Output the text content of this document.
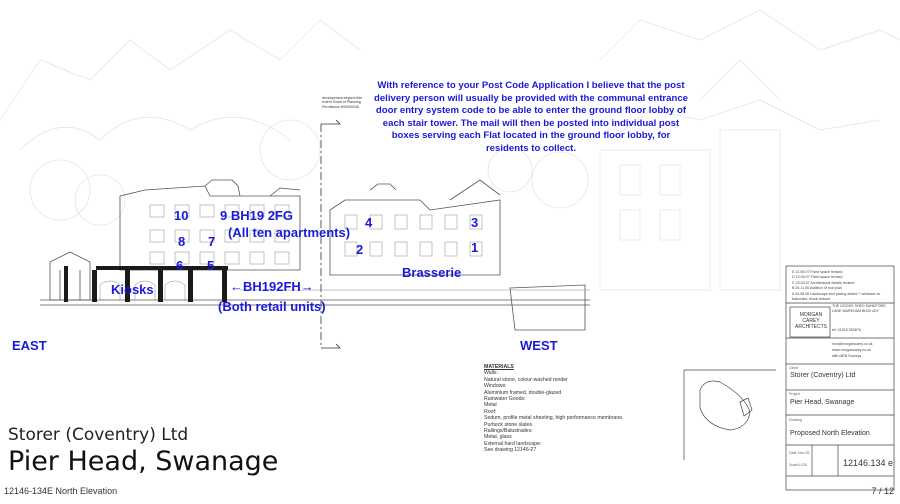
With reference to your Post Code Application I believe that the post delivery person will usually be provided with the communal entrance door entry system code to be able to enter the ground floor lobby of each stair tower. The mail will then be posted into individual post boxes serving each Flat located in the ground floor lobby, for residents to collect.
development beyond this extent Grant of Planning Permission 6/00/00245
10 9 BH19 2FG
(All ten apartments)
8 7
6 5
4	3
2	1
Brasserie
Kiosks	←BH192FH→
(Both retail units)
EAST	WEST
MATERIALS
Walls:
Natural stone, colour-washed render
Windows:
Aluminium framed, double-glazed
Rainwater Goods:
Metal
Roof:
Sedum, profile metal sheeting, high performance membrane.
Purbeck stone slates
Railings/Balustrades:
Metal, glass
External hard landscape:
See drawing 12146-27
E 12.08.07 Fixed space revised
D 13.05.07 Fixed space revised
C 23.03.07 Architectural details revised
B 25.11.06 Addition of roof plan
A 04.08.06 Landscape and paving added + windows on balconies, block revised
MORGAN
CAREY
ARCHITECTS
THE GOODS SHED SANDFORD LANE WAREHAM BH20 4DY
tel: 01929 553876
mcs@morgancarey.co.uk
www.morgancarey.co.uk
with MEB Surveys
Client
Storer (Coventry) Ltd
Project
Pier Head, Swanage
Drawing
Proposed North Elevation
Date Nov 05
Scale 1:125	12146.134 e
Storer (Coventry) Ltd
Pier Head, Swanage
12146-134E North Elevation	7 / 12
